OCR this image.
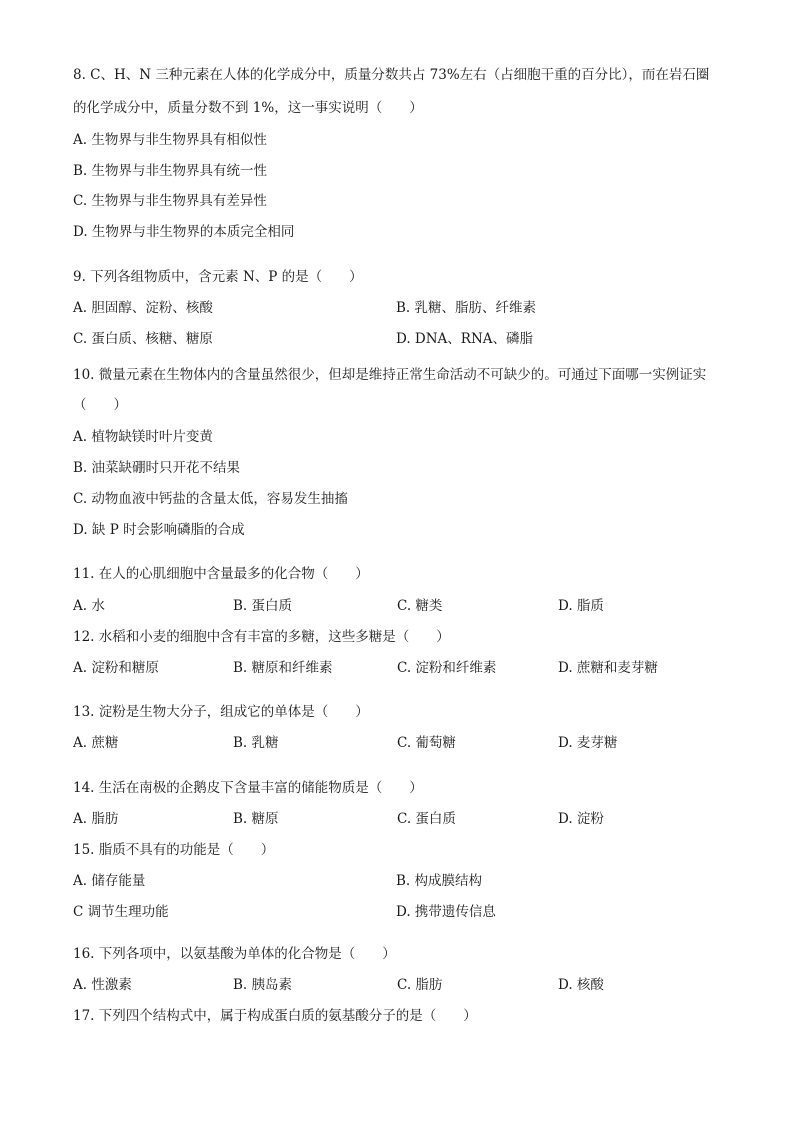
8. C、H、N 三种元素在人体的化学成分中，质量分数共占 73%左右（占细胞干重的百分比），而在岩石圈
的化学成分中，质量分数不到 1%，这一事实说明（　　）
A. 生物界与非生物界具有相似性
B. 生物界与非生物界具有统一性
C. 生物界与非生物界具有差异性
D. 生物界与非生物界的本质完全相同
9. 下列各组物质中，含元素 N、P 的是（　　）
A. 胆固醇、淀粉、核酸	B. 乳糖、脂肪、纤维素
C. 蛋白质、核糖、糖原	D. DNA、RNA、磷脂
10. 微量元素在生物体内的含量虽然很少，但却是维持正常生命活动不可缺少的。可通过下面哪一实例证实
（　　）
A. 植物缺镁时叶片变黄
B. 油菜缺硼时只开花不结果
C. 动物血液中钙盐的含量太低，容易发生抽搐
D. 缺 P 时会影响磷脂的合成
11. 在人的心肌细胞中含量最多的化合物（　　）
A. 水	B. 蛋白质	C. 糖类	D. 脂质
12. 水稻和小麦的细胞中含有丰富的多糖，这些多糖是（　　）
A. 淀粉和糖原	B. 糖原和纤维素	C. 淀粉和纤维素	D. 蔗糖和麦芽糖
13. 淀粉是生物大分子，组成它的单体是（　　）
A. 蔗糖	B. 乳糖	C. 葡萄糖	D. 麦芽糖
14. 生活在南极的企鹅皮下含量丰富的储能物质是（　　）
A. 脂肪	B. 糖原	C. 蛋白质	D. 淀粉
15. 脂质不具有的功能是（　　）
A. 储存能量	B. 构成膜结构
C 调节生理功能	D. 携带遗传信息
16. 下列各项中，以氨基酸为单体的化合物是（　　）
A. 性激素	B. 胰岛素	C. 脂肪	D. 核酸
17. 下列四个结构式中，属于构成蛋白质的氨基酸分子的是（　　）
